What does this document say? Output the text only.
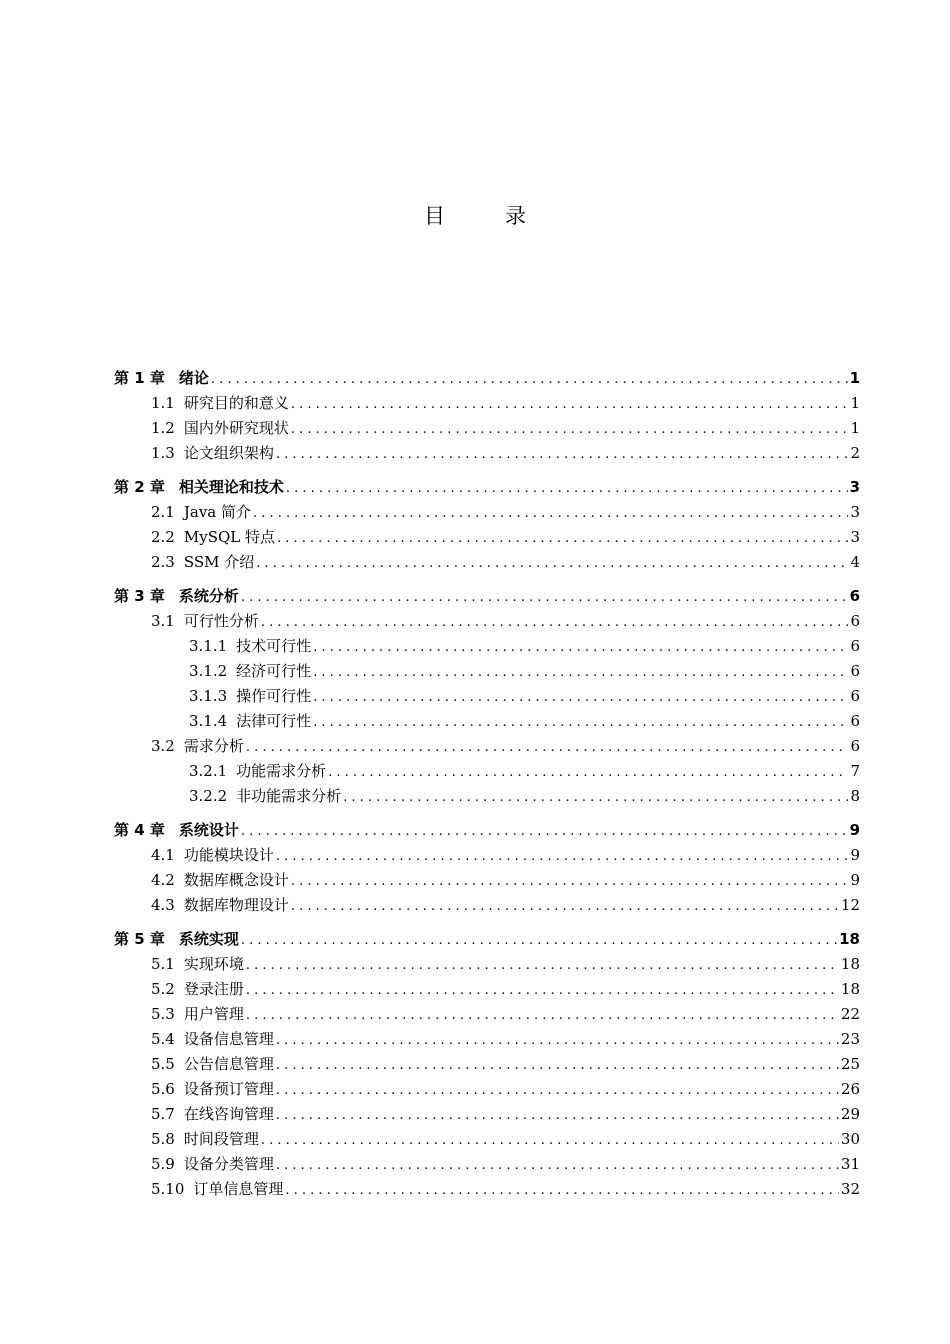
目	录
第 1 章 绪论 .....	1
1.1 研究目的和意义 .....	1
1.2 国内外研究现状 .....	1
1.3 论文组织架构 .....	2
第 2 章 相关理论和技术 .....	3
2.1 Java 简介 .....	3
2.2 MySQL 特点 .....	3
2.3 SSM 介绍 .....	4
第 3 章 系统分析 .....	6
3.1 可行性分析 .....	6
3.1.1 技术可行性 .....	6
3.1.2 经济可行性 .....	6
3.1.3 操作可行性 .....	6
3.1.4 法律可行性 .....	6
3.2 需求分析 .....	6
3.2.1 功能需求分析 .....	7
3.2.2 非功能需求分析 .....	8
第 4 章 系统设计 .....	9
4.1 功能模块设计 .....	9
4.2 数据库概念设计 .....	9
4.3 数据库物理设计 .....	12
第 5 章 系统实现 .....	18
5.1 实现环境 .....	18
5.2 登录注册 .....	18
5.3 用户管理 .....	22
5.4 设备信息管理 .....	23
5.5 公告信息管理 .....	25
5.6 设备预订管理 .....	26
5.7 在线咨询管理 .....	29
5.8 时间段管理 .....	30
5.9 设备分类管理 .....	31
5.10 订单信息管理 .....	32
